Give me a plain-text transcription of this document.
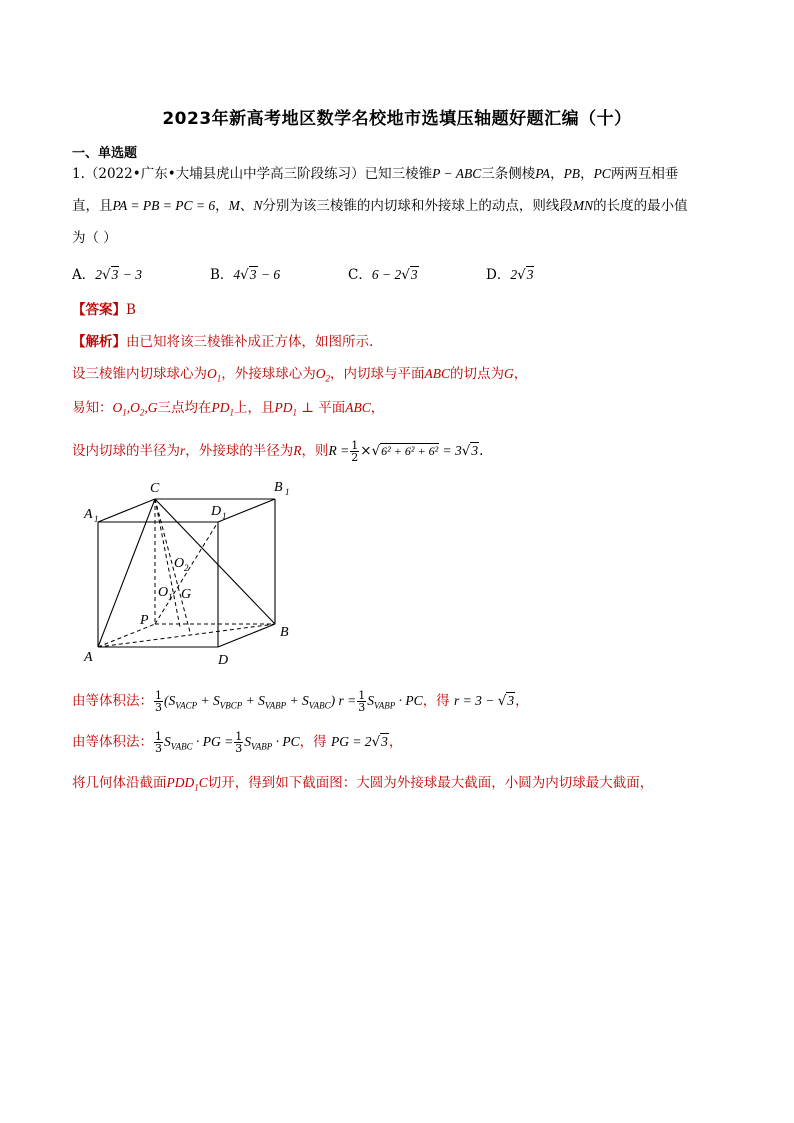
2023年新高考地区数学名校地市选填压轴题好题汇编（十）
一、单选题
1.（2022•广东•大埔县虎山中学高三阶段练习）已知三棱锥P − ABC三条侧棱PA，PB，PC两两互相垂
直，且PA = PB = PC = 6，M、N分别为该三棱锥的内切球和外接球上的动点，则线段MN的长度的最小值
为（ ）
A．2√3 − 3	B．4√3 − 6	C．6 − 2√3	D．2√3
【答案】B
【解析】由已知将该三棱锥补成正方体，如图所示.
设三棱锥内切球球心为$O_1$，外接球球心为$O_2$，内切球与平面ABC的切点为G，
易知：$O_1,O_2,G$三点均在$PD_1$上，且$PD_1$ ⊥ 平面ABC，
设内切球的半径为r，外接球的半径为R，则$R = \frac{1}{2} \times√6^2 + 6^2 + 6^2 = 3√3$.
C	B 1
A 1	D 1
O 2
O 1 G
P
B
A	D
由等体积法： $\frac{1}{3} (S_{VACP} + S_{VBCP} + S_{VABP} + S_{VABC}) r = \frac{1}{3} S_{VABP}$ · PC，得 r = 3 − √3，
由等体积法： $\frac{1}{3} S_{VABC}$ · PG = $\frac{1}{3} S_{VABP}$ · PC，得 PG = 2√3，
将几何体沿截面$PDD_1C$切开，得到如下截面图：大圆为外接球最大截面，小圆为内切球最大截面，
